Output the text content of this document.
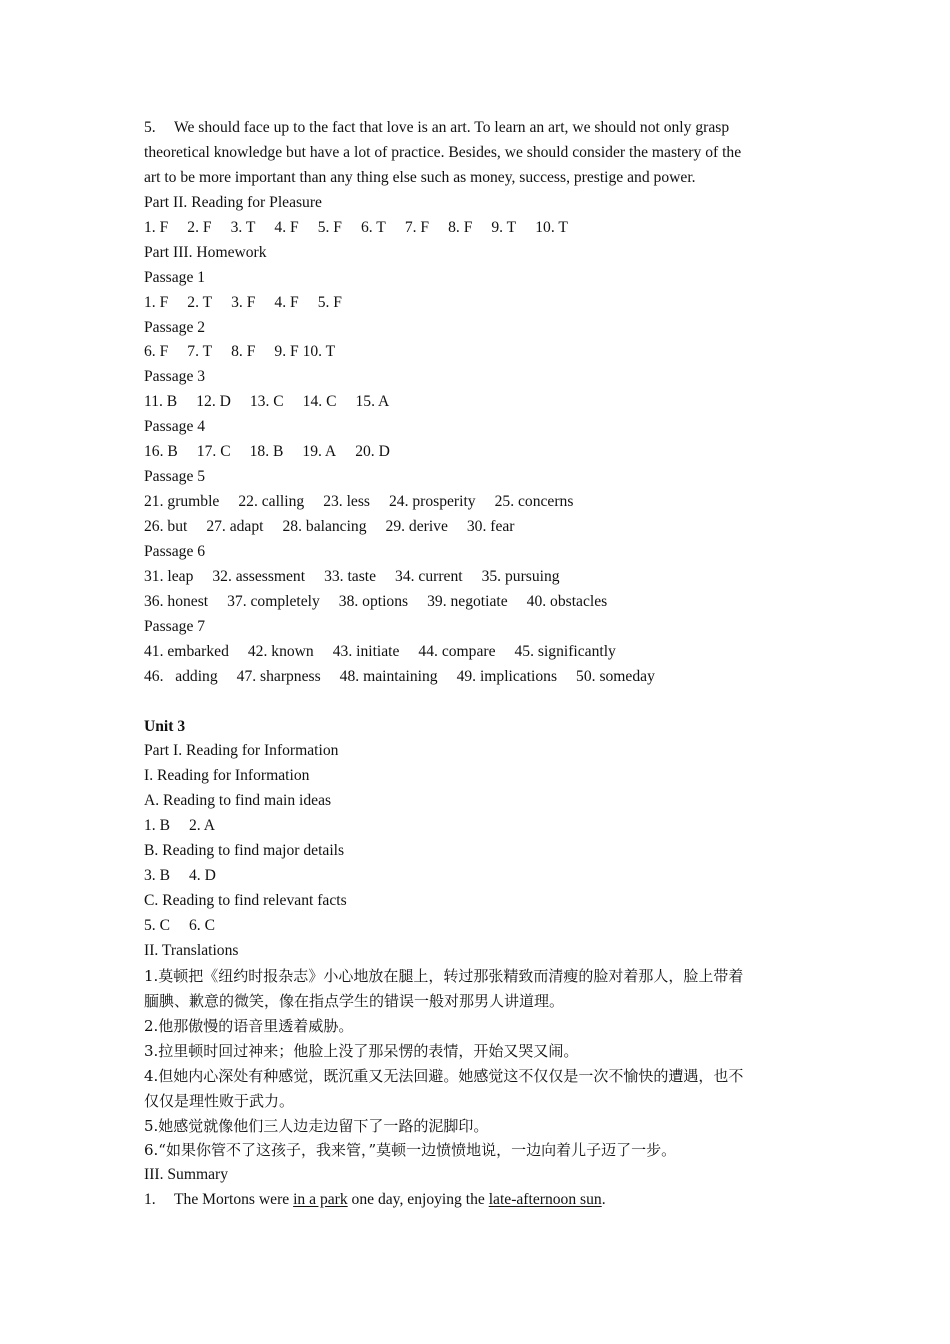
5. We should face up to the fact that love is an art. To learn an art, we should not only grasp
theoretical knowledge but have a lot of practice. Besides, we should consider the mastery of the
art to be more important than any thing else such as money, success, prestige and power.
Part II. Reading for Pleasure
1. F 2. F 3. T 4. F 5. F 6. T 7. F 8. F 9. T 10. T
Part III. Homework
Passage 1
1. F 2. T 3. F 4. F 5. F
Passage 2
6. F 7. T 8. F 9. F 10. T
Passage 3
11. B 12. D 13. C 14. C 15. A
Passage 4
16. B 17. C 18. B 19. A 20. D
Passage 5
21. grumble 22. calling 23. less 24. prosperity 25. concerns
26. but 27. adapt 28. balancing 29. derive 30. fear
Passage 6
31. leap 32. assessment 33. taste 34. current 35. pursuing
36. honest 37. completely 38. options 39. negotiate 40. obstacles
Passage 7
41. embarked 42. known 43. initiate 44. compare 45. significantly
46.   adding 47. sharpness 48. maintaining 49. implications 50. someday
Unit 3
Part I. Reading for Information
I. Reading for Information
A. Reading to find main ideas
1. B 2. A
B. Reading to find major details
3. B 4. D
C. Reading to find relevant facts
5. C 6. C
II. Translations
1.莫顿把《纽约时报杂志》小心地放在腿上，转过那张精致而清瘦的脸对着那人，脸上带着
腼腆、歉意的微笑，像在指点学生的错误一般对那男人讲道理。
2.他那傲慢的语音里透着威胁。
3.拉里顿时回过神来；他脸上没了那呆愣的表情，开始又哭又闹。
4.但她内心深处有种感觉，既沉重又无法回避。她感觉这不仅仅是一次不愉快的遭遇，也不
仅仅是理性败于武力。
5.她感觉就像他们三人边走边留下了一路的泥脚印。
6.“如果你管不了这孩子，我来管，”莫顿一边愤愤地说，一边向着儿子迈了一步。
III. Summary
1. The Mortons were in a park one day, enjoying the late-afternoon sun.
